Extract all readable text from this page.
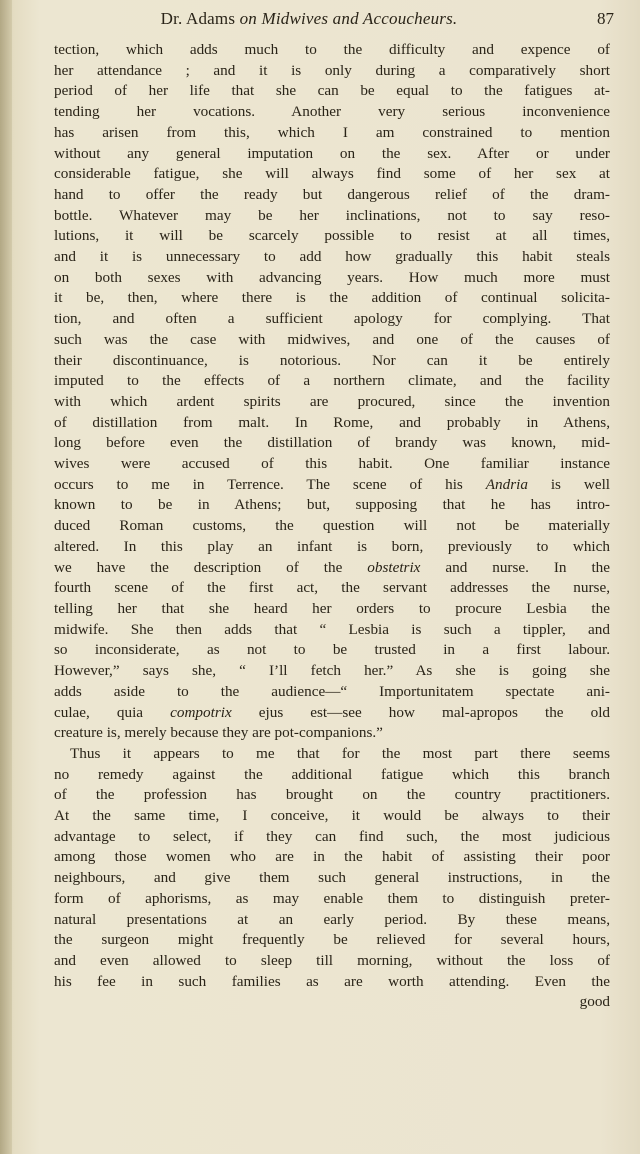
Dr. Adams on Midwives and Accoucheurs.	87
tection, which adds much to the difficulty and expence of
her attendance ; and it is only during a comparatively short
period of her life that she can be equal to the fatigues at-
tending her vocations. Another very serious inconvenience
has arisen from this, which I am constrained to mention
without any general imputation on the sex. After or under
considerable fatigue, she will always find some of her sex at
hand to offer the ready but dangerous relief of the dram-
bottle. Whatever may be her inclinations, not to say reso-
lutions, it will be scarcely possible to resist at all times,
and it is unnecessary to add how gradually this habit steals
on both sexes with advancing years. How much more must
it be, then, where there is the addition of continual solicita-
tion, and often a sufficient apology for complying. That
such was the case with midwives, and one of the causes of
their discontinuance, is notorious. Nor can it be entirely
imputed to the effects of a northern climate, and the facility
with which ardent spirits are procured, since the invention
of distillation from malt. In Rome, and probably in Athens,
long before even the distillation of brandy was known, mid-
wives were accused of this habit. One familiar instance
occurs to me in Terrence. The scene of his Andria is well
known to be in Athens; but, supposing that he has intro-
duced Roman customs, the question will not be materially
altered. In this play an infant is born, previously to which
we have the description of the obstetrix and nurse. In the
fourth scene of the first act, the servant addresses the nurse,
telling her that she heard her orders to procure Lesbia the
midwife. She then adds that “ Lesbia is such a tippler, and
so inconsiderate, as not to be trusted in a first labour.
However,” says she, “ I’ll fetch her.” As she is going she
adds aside to the audience—“ Importunitatem spectate ani-
culae, quia compotrix ejus est—see how mal-apropos the old
creature is, merely because they are pot-companions.”
Thus it appears to me that for the most part there seems
no remedy against the additional fatigue which this branch
of the profession has brought on the country practitioners.
At the same time, I conceive, it would be always to their
advantage to select, if they can find such, the most judicious
among those women who are in the habit of assisting their poor
neighbours, and give them such general instructions, in the
form of aphorisms, as may enable them to distinguish preter-
natural presentations at an early period. By these means,
the surgeon might frequently be relieved for several hours,
and even allowed to sleep till morning, without the loss of
his fee in such families as are worth attending. Even the
good
